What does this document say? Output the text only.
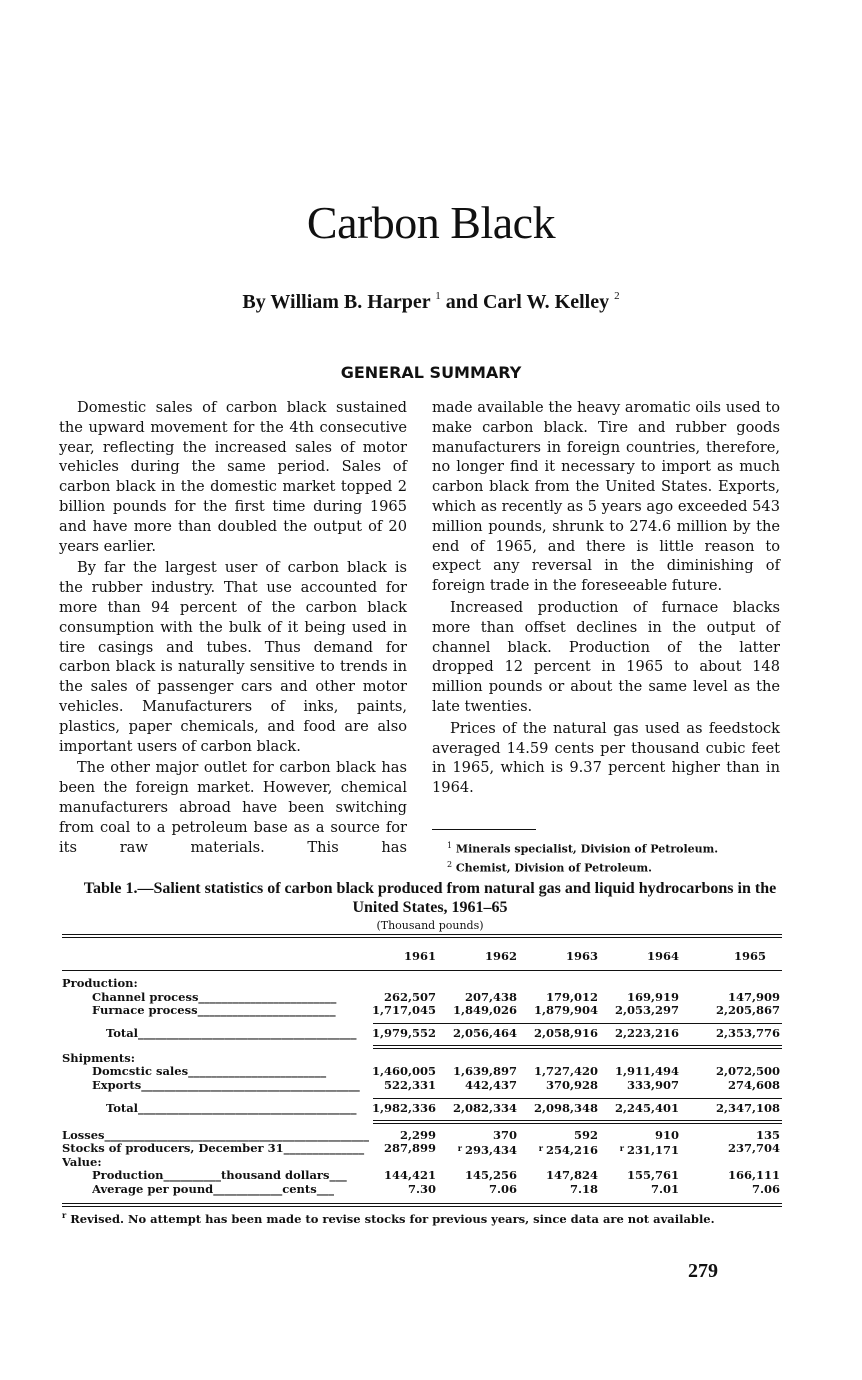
Carbon Black
By William B. Harper $^1$ and Carl W. Kelley $^2$
GENERAL SUMMARY

Domestic sales of carbon black sustained the upward movement for the 4th consecutive year, reflecting the increased sales of motor vehicles during the same period. Sales of carbon black in the domestic market topped 2 billion pounds for the first time during 1965 and have more than doubled the output of 20 years earlier.

By far the largest user of carbon black is the rubber industry. That use accounted for more than 94 percent of the carbon black consumption with the bulk of it being used in tire casings and tubes. Thus demand for carbon black is naturally sensitive to trends in the sales of passenger cars and other motor vehicles. Manufacturers of inks, paints, plastics, paper chemicals, and food are also important users of carbon black.

The other major outlet for carbon black has been the foreign market. However, chemical manufacturers abroad have been switching from coal to a petroleum base as a source for its raw materials. This has

made available the heavy aromatic oils used to make carbon black. Tire and rubber goods manufacturers in foreign countries, therefore, no longer find it necessary to import as much carbon black from the United States. Exports, which as recently as 5 years ago exceeded 543 million pounds, shrunk to 274.6 million by the end of 1965, and there is little reason to expect any reversal in the diminishing of foreign trade in the foreseeable future.

Increased production of furnace blacks more than offset declines in the output of channel black. Production of the latter dropped 12 percent in 1965 to about 148 million pounds or about the same level as the late twenties.

Prices of the natural gas used as feedstock averaged 14.59 cents per thousand cubic feet in 1965, which is 9.37 percent higher than in 1964.

$^1$ Minerals specialist, Division of Petroleum.
$^2$ Chemist, Division of Petroleum.
Table 1.—Salient statistics of carbon black produced from natural gas and liquid hydrocarbons in the United States, 1961–65
(Thousand pounds)
1961	1962	1963	1964	1965
Production:
Channel process________________________	262,507	207,438	179,012	169,919	147,909
Furnace process________________________	1,717,045 1,849,026 1,879,904 2,053,297	2,205,867
Total______________________________________	1,979,552 2,056,464 2,058,916 2,223,216	2,353,776
Shipments:
Domcstic sales________________________	1,460,005 1,639,897 1,727,420 1,911,494	2,072,500
Exports______________________________________	522,331	442,437	370,928	333,907	274,608
Total______________________________________	1,982,336 2,082,334 2,098,348 2,245,401	2,347,108
Losses______________________________________________	2,299	370	592	910	135
Stocks of producers, December 31______________	287,899	$^r$ 293,434	$^r$ 254,216	$^r$ 231,171	237,704
Value:
Production__________thousand dollars___	144,421	145,256	147,824	155,761	166,111
Average per pound____________cents___	7.30	7.06	7.18	7.01	7.06
$^r$ Revised. No attempt has been made to revise stocks for previous years, since data are not available.
279
